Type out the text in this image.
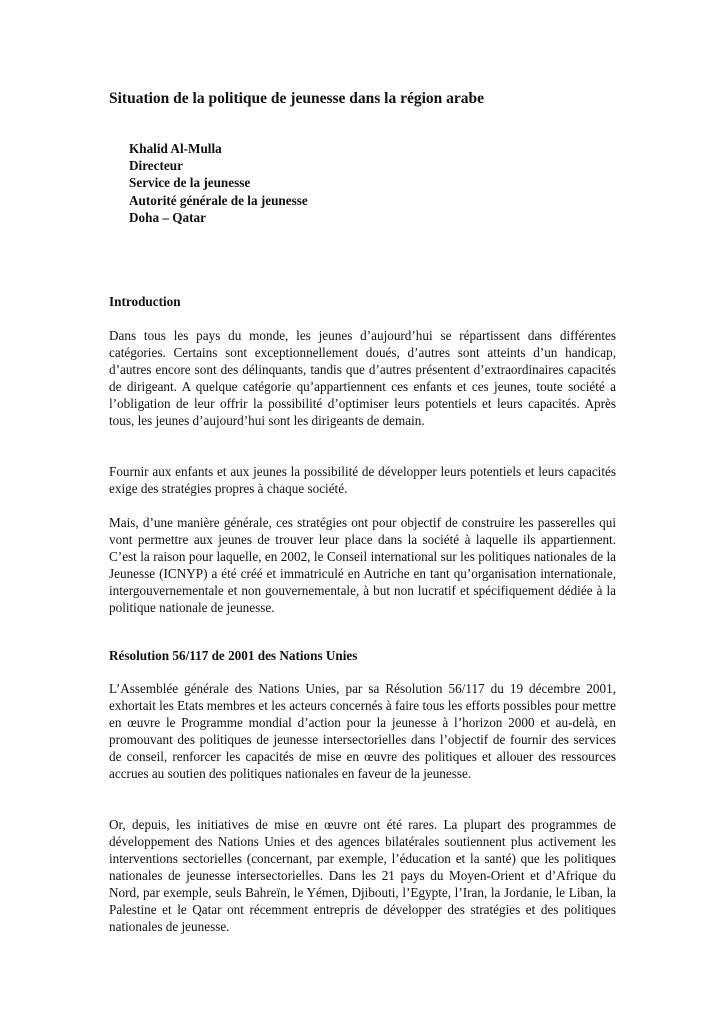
Situation de la politique de jeunesse dans la région arabe
Khalid Al-Mulla
Directeur
Service de la jeunesse
Autorité générale de la jeunesse
Doha – Qatar
Introduction
Dans tous les pays du monde, les jeunes d’aujourd’hui se répartissent dans différentes catégories. Certains sont exceptionnellement doués, d’autres sont atteints d’un handicap, d’autres encore sont des délinquants, tandis que d’autres présentent d’extraordinaires capacités de dirigeant. A quelque catégorie qu’appartiennent ces enfants et ces jeunes, toute société a l’obligation de leur offrir la possibilité d’optimiser leurs potentiels et leurs capacités. Après tous, les jeunes d’aujourd’hui sont les dirigeants de demain.
Fournir aux enfants et aux jeunes la possibilité de développer leurs potentiels et leurs capacités exige des stratégies propres à chaque société.
Mais, d’une manière générale, ces stratégies ont pour objectif de construire les passerelles qui vont permettre aux jeunes de trouver leur place dans la société à laquelle ils appartiennent. C’est la raison pour laquelle, en 2002, le Conseil international sur les politiques nationales de la Jeunesse (ICNYP) a été créé et immatriculé en Autriche en tant qu’organisation internationale, intergouvernementale et non gouvernementale, à but non lucratif et spécifiquement dédiée à la politique nationale de jeunesse.
Résolution 56/117 de 2001 des Nations Unies
L’Assemblée générale des Nations Unies, par sa Résolution 56/117 du 19 décembre 2001, exhortait les Etats membres et les acteurs concernés à faire tous les efforts possibles pour mettre en œuvre le Programme mondial d’action pour la jeunesse à l’horizon 2000 et au-delà, en promouvant des politiques de jeunesse intersectorielles dans l’objectif de fournir des services de conseil, renforcer les capacités de mise en œuvre des politiques et allouer des ressources accrues au soutien des politiques nationales en faveur de la jeunesse.
Or, depuis, les initiatives de mise en œuvre ont été rares. La plupart des programmes de développement des Nations Unies et des agences bilatérales soutiennent plus activement les interventions sectorielles (concernant, par exemple, l’éducation et la santé) que les politiques nationales de jeunesse intersectorielles. Dans les 21 pays du Moyen-Orient et d’Afrique du Nord, par exemple, seuls Bahreïn, le Yémen, Djibouti, l’Egypte, l’Iran, la Jordanie, le Liban, la Palestine et le Qatar ont récemment entrepris de développer des stratégies et des politiques nationales de jeunesse.
